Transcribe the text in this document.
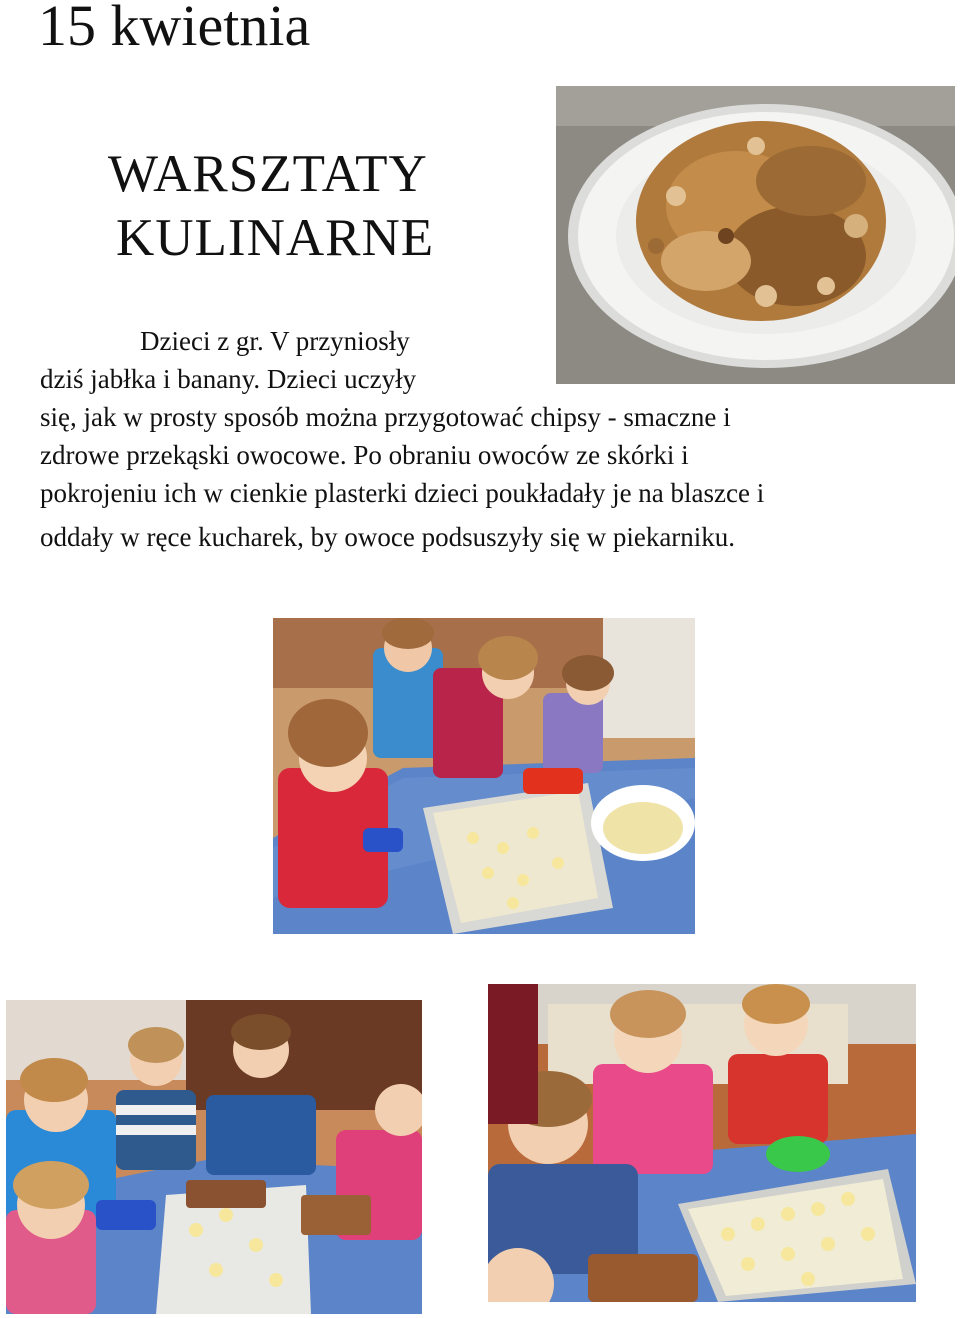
15 kwietnia
WARSZTATY
KULINARNE

Dzieci z gr. V przyniosły
dziś jabłka i banany. Dzieci uczyły
się, jak w prosty sposób można przygotować chipsy - smaczne i
zdrowe przekąski owocowe. Po obraniu owoców ze skórki i
pokrojeniu ich w cienkie plasterki dzieci poukładały je na blaszce i
oddały w ręce kucharek, by owoce podsuszyły się w piekarniku.
